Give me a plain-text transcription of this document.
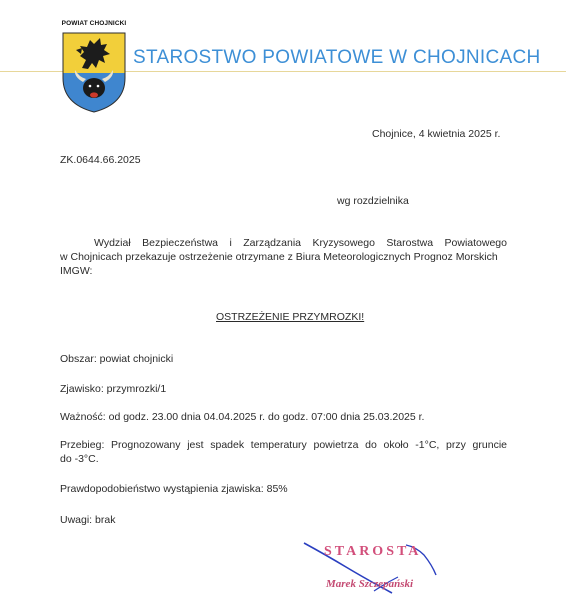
POWIAT CHOJNICKI
STAROSTWO POWIATOWE W CHOJNICACH
Chojnice, 4 kwietnia 2025 r.
ZK.0644.66.2025
wg rozdzielnika
Wydział Bezpieczeństwa i Zarządzania Kryzysowego Starostwa Powiatowego
w Chojnicach przekazuje ostrzeżenie otrzymane z Biura Meteorologicznych Prognoz Morskich
IMGW:
OSTRZEŻENIE PRZYMROZKI!
Obszar: powiat chojnicki
Zjawisko: przymrozki/1
Ważność: od godz. 23.00 dnia 04.04.2025 r. do godz. 07:00 dnia 25.03.2025 r.
Przebieg: Prognozowany jest spadek temperatury powietrza do około -1°C, przy gruncie
do -3°C.
Prawdopodobieństwo wystąpienia zjawiska: 85%
Uwagi: brak
STAROSTA
Marek Szczepański
